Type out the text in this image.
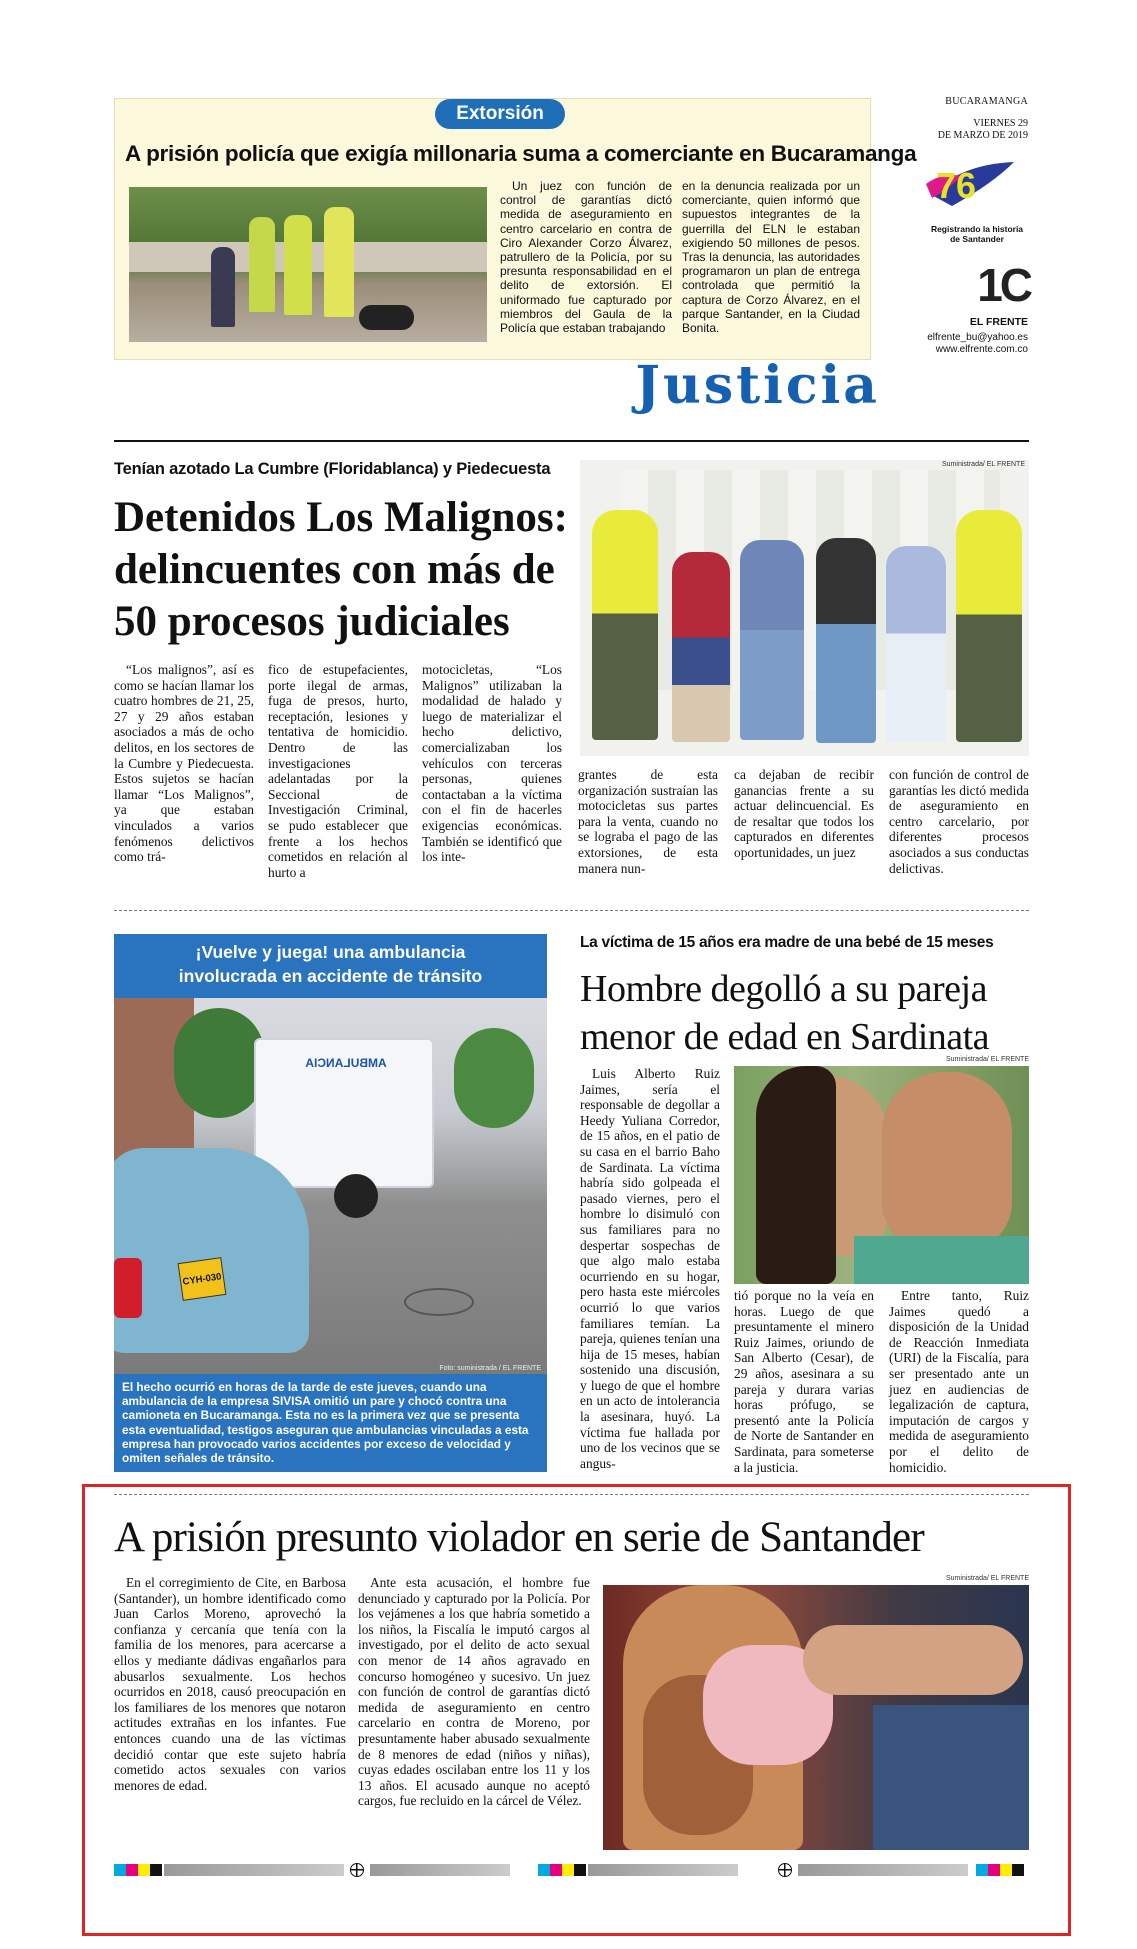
Extorsión
A prisión policía que exigía millonaria suma a comerciante en Bucaramanga
Un juez con función de control de garantías dictó medida de aseguramiento en centro carcelario en contra de Ciro Alexander Corzo Álvarez, patrullero de la Policía, por su presunta responsabilidad en el delito de extorsión. El uniformado fue capturado por miembros del Gaula de la Policía que estaban trabajando
en la denuncia realizada por un comerciante, quien informó que supuestos integrantes de la guerrilla del ELN le estaban exigiendo 50 millones de pesos. Tras la denuncia, las autoridades programaron un plan de entrega controlada que permitió la captura de Corzo Álvarez, en el parque Santander, en la Ciudad Bonita.
BUCARAMANGA
VIERNES 29
DE MARZO DE 2019
76 AÑOS
Registrando la historia
de Santander
1C
EL FRENTE
elfrente_bu@yahoo.es
www.elfrente.com.co
Justicia
Tenían azotado La Cumbre (Floridablanca) y Piedecuesta
Detenidos Los Malignos:
delincuentes con más de
50 procesos judiciales
Suministrada/ EL FRENTE
“Los malignos”, así es como se hacían llamar los cuatro hombres de 21, 25, 27 y 29 años estaban asociados a más de ocho delitos, en los sectores de la Cumbre y Piedecuesta. Estos sujetos se hacían llamar “Los Malignos”, ya que estaban vinculados a varios fenómenos delictivos como trá-
fico de estupefacientes, porte ilegal de armas, fuga de presos, hurto, receptación, lesiones y tentativa de homicidio. Dentro de las investigaciones adelantadas por la Seccional de Investigación Criminal, se pudo establecer que frente a los hechos cometidos en relación al hurto a
motocicletas, “Los Malignos” utilizaban la modalidad de halado y luego de materializar el hecho delictivo, comercializaban los vehículos con terceras personas, quienes contactaban a la víctima con el fin de hacerles exigencias económicas. También se identificó que los inte-
grantes de esta organización sustraían las motocicletas sus partes para la venta, cuando no se lograba el pago de las extorsiones, de esta manera nun-
ca dejaban de recibir ganancias frente a su actuar delincuencial. Es de resaltar que todos los capturados en diferentes oportunidades, un juez
con función de control de garantías les dictó medida de aseguramiento en centro carcelario, por diferentes procesos asociados a sus conductas delictivas.
¡Vuelve y juega! una ambulancia
involucrada en accidente de tránsito
AMBULANCIA
CYH-030
Foto: suministrada / EL FRENTE
El hecho ocurrió en horas de la tarde de este jueves, cuando una ambulancia de la empresa SIVISA omitió un pare y chocó contra una camioneta en Bucaramanga. Esta no es la primera vez que se presenta esta eventualidad, testigos aseguran que ambulancias vinculadas a esta empresa han provocado varios accidentes por exceso de velocidad y omiten señales de tránsito.
La víctima de 15 años era madre de una bebé de 15 meses
Hombre degolló a su pareja
menor de edad en Sardinata
Suministrada/ EL FRENTE
Luis Alberto Ruiz Jaimes, sería el responsable de degollar a Heedy Yuliana Corredor, de 15 años, en el patio de su casa en el barrio Baho de Sardinata. La víctima habría sido golpeada el pasado viernes, pero el hombre lo disimuló con sus familiares para no despertar sospechas de que algo malo estaba ocurriendo en su hogar, pero hasta este miércoles ocurrió lo que varios familiares temían. La pareja, quienes tenían una hija de 15 meses, habían sostenido una discusión, y luego de que el hombre en un acto de intolerancia la asesinara, huyó. La víctima fue hallada por uno de los vecinos que se angus-
tió porque no la veía en horas. Luego de que presuntamente el minero Ruiz Jaimes, oriundo de San Alberto (Cesar), de 29 años, asesinara a su pareja y durara varias horas prófugo, se presentó ante la Policía de Norte de Santander en Sardinata, para someterse a la justicia.
Entre tanto, Ruiz Jaimes quedó a disposición de la Unidad de Reacción Inmediata (URI) de la Fiscalía, para ser presentado ante un juez en audiencias de legalización de captura, imputación de cargos y medida de aseguramiento por el delito de homicidio.
A prisión presunto violador en serie de Santander
En el corregimiento de Cite, en Barbosa (Santander), un hombre identificado como Juan Carlos Moreno, aprovechó la confianza y cercanía que tenía con la familia de los menores, para acercarse a ellos y mediante dádivas engañarlos para abusarlos sexualmente. Los hechos ocurridos en 2018, causó preocupación en los familiares de los menores que notaron actitudes extrañas en los infantes. Fue entonces cuando una de las víctimas decidió contar que este sujeto habría cometido actos sexuales con varios menores de edad.
Ante esta acusación, el hombre fue denunciado y capturado por la Policía. Por los vejámenes a los que habría sometido a los niños, la Fiscalía le imputó cargos al investigado, por el delito de acto sexual con menor de 14 años agravado en concurso homogéneo y sucesivo. Un juez con función de control de garantías dictó medida de aseguramiento en centro carcelario en contra de Moreno, por presuntamente haber abusado sexualmente de 8 menores de edad (niños y niñas), cuyas edades oscilaban entre los 11 y los 13 años. El acusado aunque no aceptó cargos, fue recluido en la cárcel de Vélez.
Suministrada/ EL FRENTE
